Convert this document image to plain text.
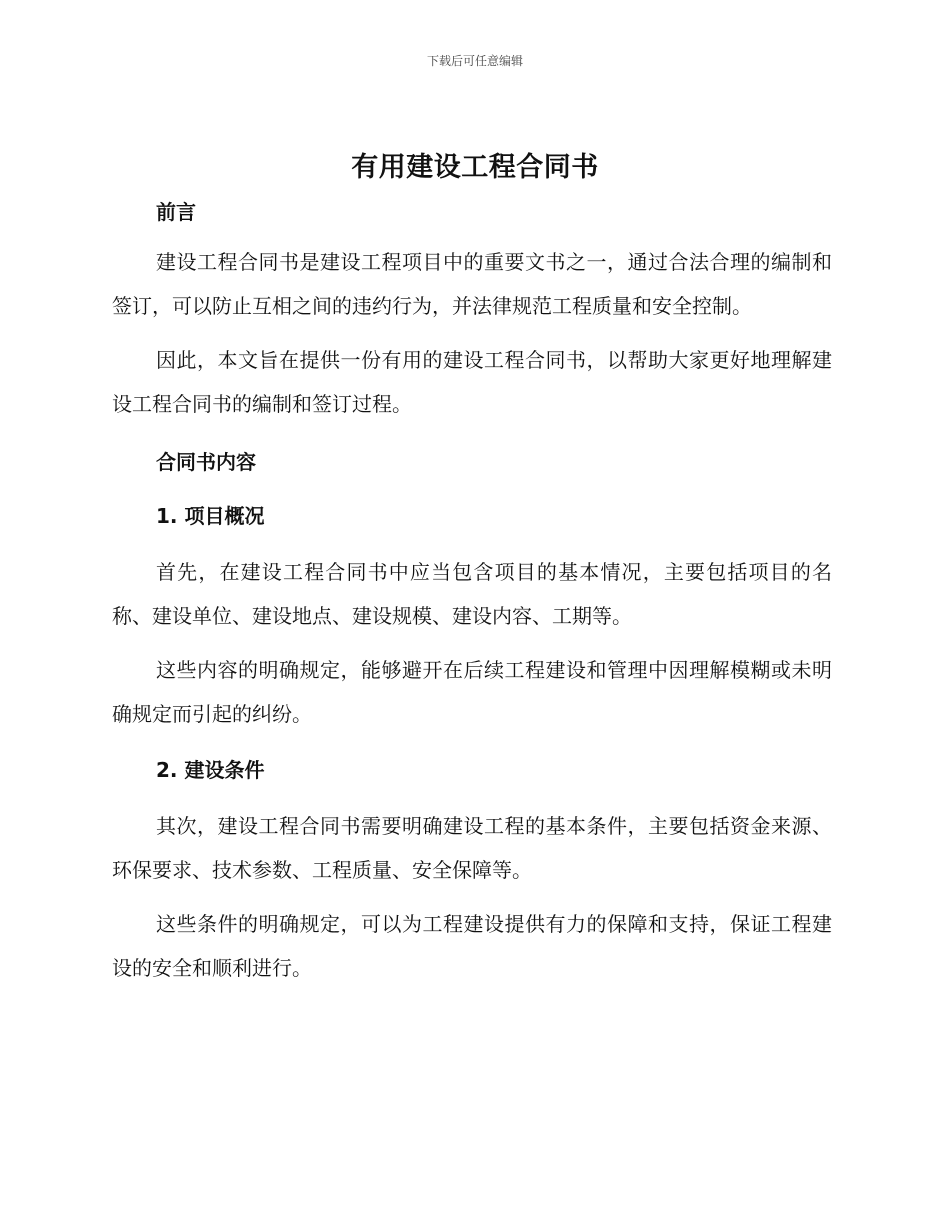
下载后可任意编辑
有用建设工程合同书

前言

建设工程合同书是建设工程项目中的重要文书之一，通过合法合理的编制和签订，可以防止互相之间的违约行为，并法律规范工程质量和安全控制。

因此，本文旨在提供一份有用的建设工程合同书，以帮助大家更好地理解建设工程合同书的编制和签订过程。

合同书内容

1. 项目概况

首先，在建设工程合同书中应当包含项目的基本情况，主要包括项目的名称、建设单位、建设地点、建设规模、建设内容、工期等。

这些内容的明确规定，能够避开在后续工程建设和管理中因理解模糊或未明确规定而引起的纠纷。

2. 建设条件

其次，建设工程合同书需要明确建设工程的基本条件，主要包括资金来源、环保要求、技术参数、工程质量、安全保障等。

这些条件的明确规定，可以为工程建设提供有力的保障和支持，保证工程建设的安全和顺利进行。
